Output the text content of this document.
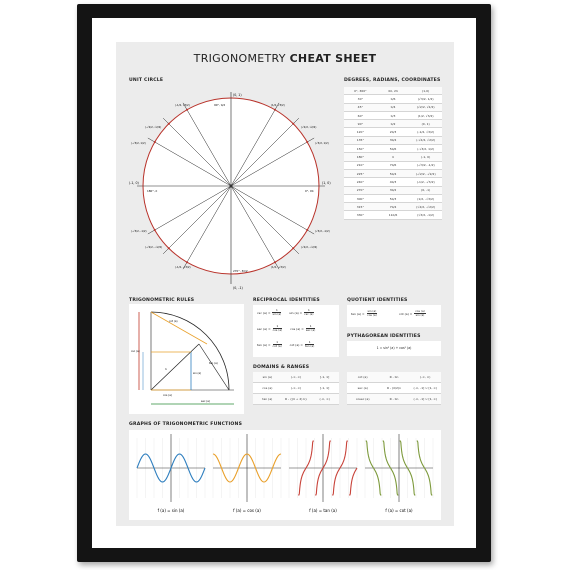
TRIGONOMETRY CHEAT SHEET
UNIT CIRCLE	DEGREES, RADIANS, COORDINATES
TRIGONOMETRIC RULES	RECIPROCAL IDENTITIES	QUOTIENT IDENTITIES
PYTHAGOREAN IDENTITIES
DOMAINS & RANGES
GRAPHS OF TRIGONOMETRIC FUNCTIONS
(0, 1)
(0, -1)
(-1, 0)	(1, 0)
90°, π/2
0°, 0π
180°, π
270°, 3π/2
(1/2, √3/2)
(√2/2, √2/2)
(√3/2, 1/2)
(-1/2, √3/2)
(-√2/2, √2/2)
(-√3/2, 1/2)
(-√3/2, -1/2)
(-√2/2, -√2/2)
(-1/2, -√3/2)
(√3/2, -1/2)
(√2/2, -√2/2)
(1/2, -√3/2)
0°, 360°	0π, 2π	(1,0)
30°	π/6	(√3/2, 1/2)
45°	π/4	(√2/2, √2/2)
60°	π/3	(1/2, √3/2)
90°	π/2	(0, 1)
120°	2π/3	(-1/2, √3/2)
135°	3π/4	(-√2/2, √2/2)
150°	5π/6	(-√3/2, 1/2)
180°	π	(-1, 0)
210°	7π/6	(-√3/2, -1/2)
225°	5π/4	(-√2/2, -√2/2)
240°	4π/3	(-1/2, -√3/2)
270°	3π/2	(0, -1)
300°	5π/3	(1/2, -√3/2)
315°	7π/4	(√2/2, -√2/2)
330°	11π/6	(√3/2, -1/2)
1
cos (a)
sin (a)
sec (a)
tan (a)
cot (a)
csc (a)
$\csc (a) = \frac{1}{\sin (a)}$	$\sin (a) = \frac{1}{\csc (a)}$
$\sec (a) = \frac{1}{\cos (a)}$	$\cos (a) = \frac{1}{\sec (a)}$
$\tan (a) = \frac{1}{\cot (a)}$	$\cot (a) = \frac{1}{\tan (a)}$
$\tan (a) = \frac{\sin (a)}{\cos (a)}$	$\cot (a) = \frac{\cos (a)}{\sin (a)}$
1 = sin² (a) + cos² (a)
sin (a)	(-∞, ∞)	[-1, 1]
cos (a)	(-∞, ∞)	[-1, 1]
tan (a)	R - {(π ÷ 2) k}	(-∞, ∞)
cot (a)	R - πn	(-∞, ∞)
sec (a)	R - (π/2)n	(-∞, -1] ∪ [1, ∞)
cosec (a)	R - πn	(-∞, -1] ∪ [1, ∞)
f (a) = sin (a)	f (a) = cos (a)	f (a) = tan (a)	f (a) = cot (a)
